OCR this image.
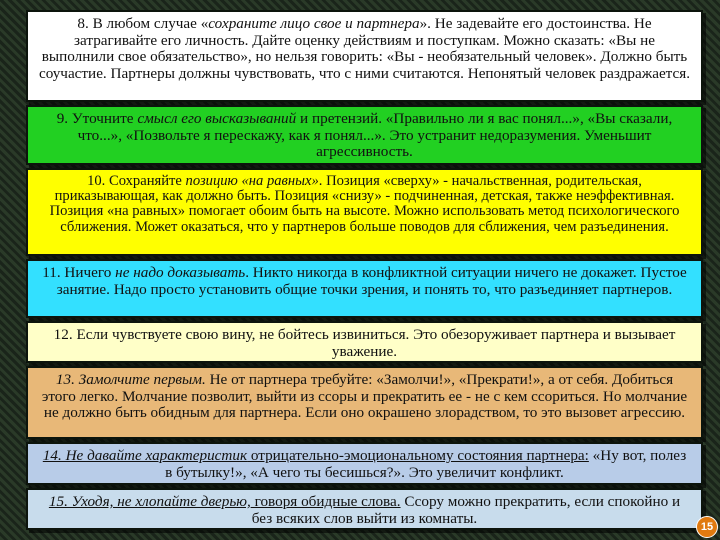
8. В любом случае «сохраните лицо свое и партнера». Не задевайте его достоинства. Не затрагивайте его личность. Дайте оценку действиям и поступкам. Можно сказать: «Вы не выполнили свое обязательство», но нельзя говорить: «Вы - необязательный человек». Должно быть соучастие. Партнеры должны чувствовать, что с ними считаются. Непонятый человек раздражается.

9. Уточните смысл его высказываний и претензий. «Правильно ли я вас понял...», «Вы сказали, что...», «Позвольте я перескажу, как я понял...». Это устранит недоразумения. Уменьшит агрессивность.

10. Сохраняйте позицию «на равных». Позиция «сверху» - начальственная, родительская, приказывающая, как должно быть. Позиция «снизу» - подчиненная, детская, также неэффективная. Позиция «на равных» помогает обоим быть на высоте. Можно использовать метод психологического сближения. Может оказаться, что у партнеров больше поводов для сближения, чем разъединения.

11. Ничего не надо доказывать. Никто никогда в конфликтной ситуации ничего не докажет. Пустое занятие. Надо просто установить общие точки зрения, и понять то, что разъединяет партнеров.

12. Если чувствуете свою вину, не бойтесь извиниться. Это обезоруживает партнера и вызывает уважение.

13. Замолчите первым. Не от партнера требуйте: «Замолчи!», «Прекрати!», а от себя. Добиться этого легко. Молчание позволит, выйти из ссоры и прекратить ее - не с кем ссориться. Но молчание не должно быть обидным для партнера. Если оно окрашено злорадством, то это вызовет агрессию.

14. Не давайте характеристик отрицательно-эмоциональному состояния партнера: «Ну вот, полез в бутылку!», «А чего ты бесишься?». Это увеличит конфликт.

15. Уходя, не хлопайте дверью, говоря обидные слова. Ссору можно прекратить, если спокойно и без всяких слов выйти из комнаты.

15
